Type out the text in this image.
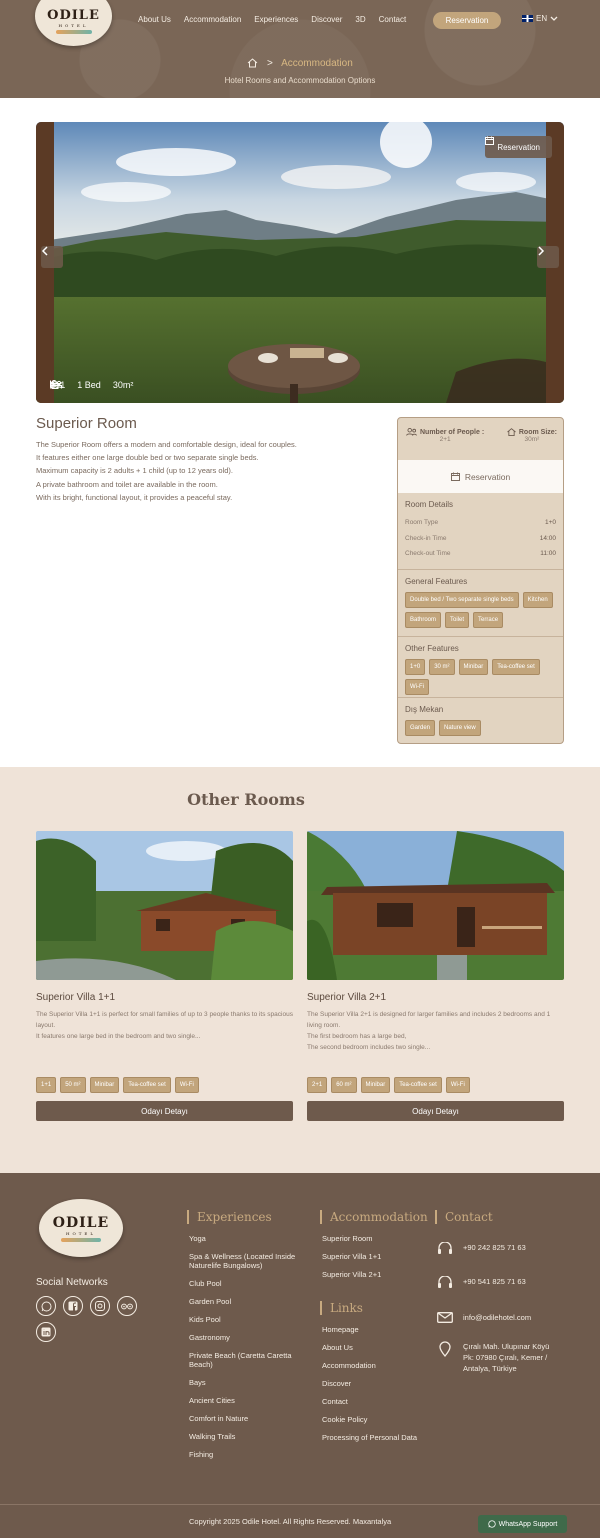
ODILE
HOTEL
About Us Accommodation Experiences Discover 3D Contact	Reservation	EN
> Accommodation
Hotel Rooms and Accommodation Options
Reservation
2+1 1 Bed 30m²
Superior Room
The Superior Room offers a modern and comfortable design, ideal for couples.
It features either one large double bed or two separate single beds.
Maximum capacity is 2 adults + 1 child (up to 12 years old).
A private bathroom and toilet are available in the room.
With its bright, functional layout, it provides a peaceful stay.
Number of People :
2+1
Room Size:
30m²
Reservation
Room Details
Room Type	1+0
Check-in Time	14:00
Check-out Time	11:00
General Features
Double bed / Two separate single beds	Kitchen
Bathroom	Toilet	Terrace
Other Features
1+0	30 m²	Minibar	Tea-coffee set
Wi-Fi
Dış Mekan
Garden	Nature view
Other Rooms
Superior Villa 1+1
The Superior Villa 1+1 is perfect for small families of up to 3 people thanks to its spacious layout.
It features one large bed in the bedroom and two single...
1+1	50 m²	Minibar	Tea-coffee set	Wi-Fi
Odayı Detayı
Superior Villa 2+1
The Superior Villa 2+1 is designed for larger families and includes 2 bedrooms and 1 living room.
The first bedroom has a large bed,
The second bedroom includes two single...
2+1	60 m²	Minibar	Tea-coffee set	Wi-Fi
Odayı Detayı
ODILE
HOTEL
Social Networks
Experiences
Yoga
Spa & Wellness (Located Inside Naturelife Bungalows)
Club Pool
Garden Pool
Kids Pool
Gastronomy
Private Beach (Caretta Caretta Beach)
Bays
Ancient Cities
Comfort in Nature
Walking Trails
Fishing
Accommodation
Superior Room
Superior Villa 1+1
Superior Villa 2+1
Links
Homepage
About Us
Accommodation
Discover
Contact
Cookie Policy
Processing of Personal Data
Contact
+90 242 825 71 63
+90 541 825 71 63
info@odilehotel.com
Çıralı Mah. Ulupınar Köyü Pk: 07980 Çıralı, Kemer / Antalya, Türkiye
Copyright 2025 Odile Hotel. All Rights Reserved. Maxantalya	WhatsApp Support
